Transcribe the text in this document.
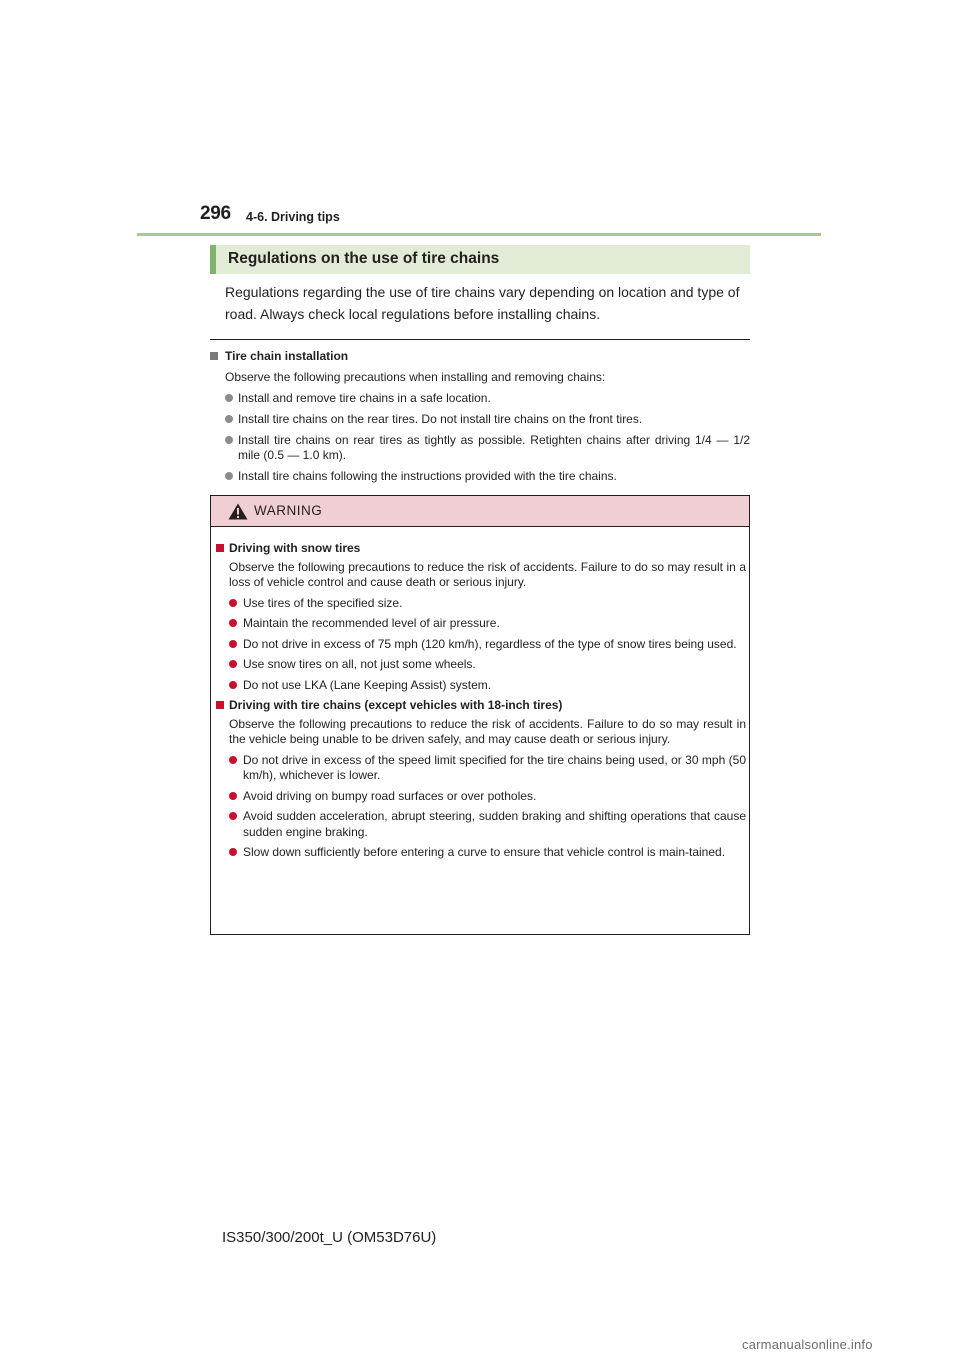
296 4-6. Driving tips
Regulations on the use of tire chains
Regulations regarding the use of tire chains vary depending on location and type of road. Always check local regulations before installing chains.
Tire chain installation
Observe the following precautions when installing and removing chains:
Install and remove tire chains in a safe location.
Install tire chains on the rear tires. Do not install tire chains on the front tires.
Install tire chains on rear tires as tightly as possible. Retighten chains after driving 1/4 — 1/2 mile (0.5 — 1.0 km).
Install tire chains following the instructions provided with the tire chains.
WARNING
Driving with snow tires
Observe the following precautions to reduce the risk of accidents. Failure to do so may result in a loss of vehicle control and cause death or serious injury.
Use tires of the specified size.
Maintain the recommended level of air pressure.
Do not drive in excess of 75 mph (120 km/h), regardless of the type of snow tires being used.
Use snow tires on all, not just some wheels.
Do not use LKA (Lane Keeping Assist) system.
Driving with tire chains (except vehicles with 18-inch tires)
Observe the following precautions to reduce the risk of accidents. Failure to do so may result in the vehicle being unable to be driven safely, and may cause death or serious injury.
Do not drive in excess of the speed limit specified for the tire chains being used, or 30 mph (50 km/h), whichever is lower.
Avoid driving on bumpy road surfaces or over potholes.
Avoid sudden acceleration, abrupt steering, sudden braking and shifting operations that cause sudden engine braking.
Slow down sufficiently before entering a curve to ensure that vehicle control is main-tained.
IS350/300/200t_U (OM53D76U)
carmanualsonline.info
